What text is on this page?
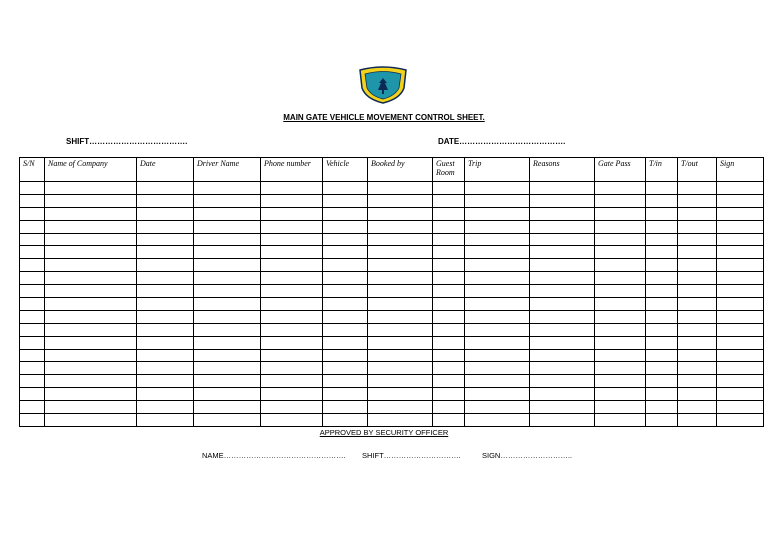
MAIN GATE VEHICLE MOVEMENT CONTROL SHEET.
SHIFT……………………………….	DATE………………………………….
S/N	Name of Company	Date	Driver Name	Phone number	Vehicle	Booked by	Guest Room	Trip	Reasons	Gate Pass	T/in	T/out	Sign

APPROVED BY SECURITY OFFICER
NAME…………………………………………. SHIFT………………………….	SIGN………………………..
